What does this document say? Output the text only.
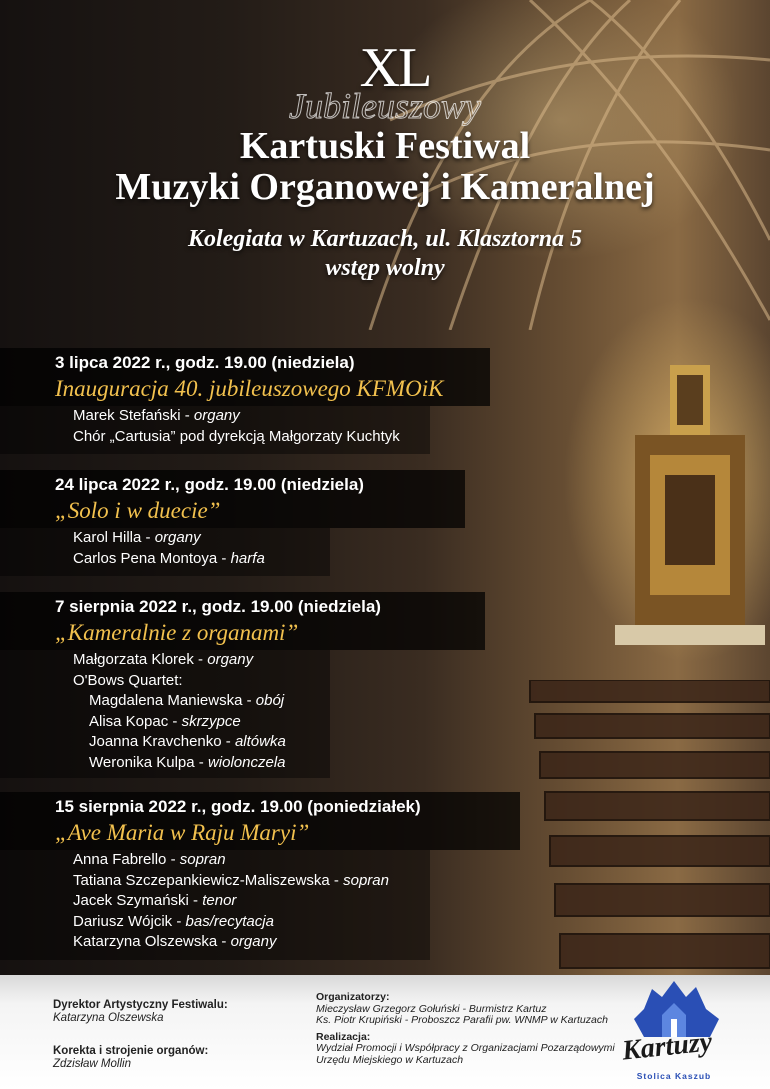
XL
Jubileuszowy
Kartuski Festiwal
Muzyki Organowej i Kameralnej
Kolegiata w Kartuzach, ul. Klasztorna 5
wstęp wolny
3 lipca 2022 r., godz. 19.00 (niedziela)
Inauguracja 40. jubileuszowego KFMOiK
Marek Stefański - organy
Chór „Cartusia” pod dyrekcją Małgorzaty Kuchtyk
24 lipca 2022 r., godz. 19.00 (niedziela)
„Solo i w duecie”
Karol Hilla - organy
Carlos Pena Montoya - harfa
7 sierpnia 2022 r., godz. 19.00 (niedziela)
„Kameralnie z organami”
Małgorzata Klorek - organy
O'Bows Quartet:
Magdalena Maniewska - obój
Alisa Kopac - skrzypce
Joanna Kravchenko - altówka
Weronika Kulpa - wiolonczela
15 sierpnia 2022 r., godz. 19.00 (poniedziałek)
„Ave Maria w Raju Maryi”
Anna Fabrello - sopran
Tatiana Szczepankiewicz-Maliszewska - sopran
Jacek Szymański - tenor
Dariusz Wójcik - bas/recytacja
Katarzyna Olszewska - organy
Dyrektor Artystyczny Festiwalu:
Katarzyna Olszewska
Korekta i strojenie organów:
Zdzisław Mollin
Organizatorzy:
Mieczysław Grzegorz Gołuński - Burmistrz Kartuz
Ks. Piotr Krupiński - Proboszcz Parafii pw. WNMP w Kartuzach
Realizacja:
Wydział Promocji i Współpracy z Organizacjami Pozarządowymi
Urzędu Miejskiego w Kartuzach	Kartuzy
Stolica Kaszub
